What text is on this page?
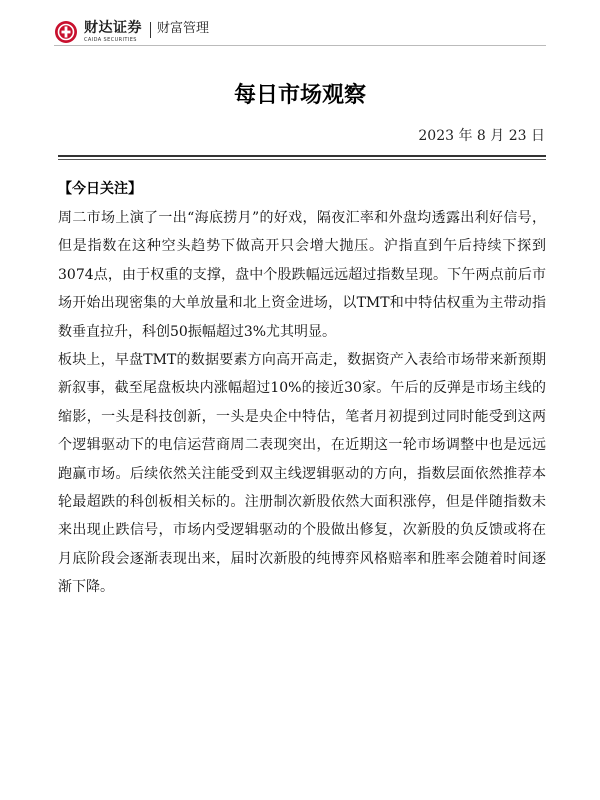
财达证券
CAIDA SECURITIES
财富管理
每日市场观察
2023 年 8 月 23 日
【今日关注】

周二市场上演了一出“海底捞月”的好戏，隔夜汇率和外盘均透露出利好信号，但是指数在这种空头趋势下做高开只会增大抛压。沪指直到午后持续下探到3074点，由于权重的支撑，盘中个股跌幅远远超过指数呈现。下午两点前后市场开始出现密集的大单放量和北上资金进场，以TMT和中特估权重为主带动指数垂直拉升，科创50振幅超过3%尤其明显。

板块上，早盘TMT的数据要素方向高开高走，数据资产入表给市场带来新预期新叙事，截至尾盘板块内涨幅超过10%的接近30家。午后的反弹是市场主线的缩影，一头是科技创新，一头是央企中特估，笔者月初提到过同时能受到这两个逻辑驱动下的电信运营商周二表现突出，在近期这一轮市场调整中也是远远跑赢市场。后续依然关注能受到双主线逻辑驱动的方向，指数层面依然推荐本轮最超跌的科创板相关标的。注册制次新股依然大面积涨停，但是伴随指数未来出现止跌信号，市场内受逻辑驱动的个股做出修复，次新股的负反馈或将在月底阶段会逐渐表现出来，届时次新股的纯博弈风格赔率和胜率会随着时间逐渐下降。
